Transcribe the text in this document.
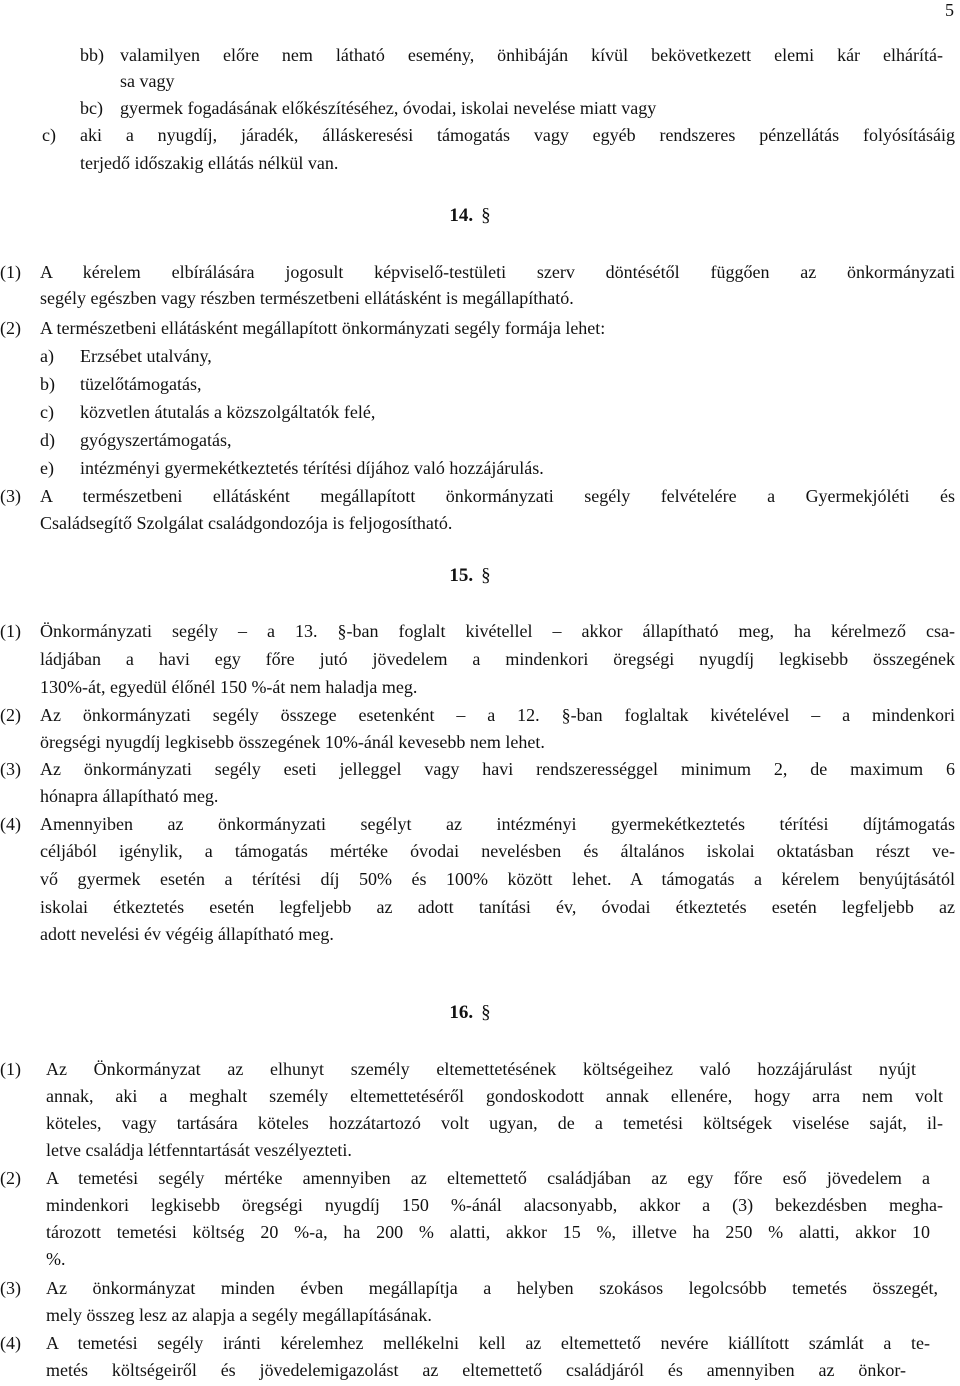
5
bb) valamilyen előre nem látható esemény, önhibáján kívül bekövetkezett elemi kár elhárítá-
sa vagy
bc) gyermek fogadásának előkészítéséhez, óvodai, iskolai nevelése miatt vagy
c) aki a nyugdíj, járadék, álláskeresési támogatás vagy egyéb rendszeres pénzellátás folyósításáig
terjedő időszakig ellátás nélkül van.
14. §
(1) A kérelem elbírálására jogosult képviselő-testületi szerv döntésétől függően az önkormányzati
segély egészben vagy részben természetbeni ellátásként is megállapítható.
(2) A természetbeni ellátásként megállapított önkormányzati segély formája lehet:
a) Erzsébet utalvány,
b) tüzelőtámogatás,
c) közvetlen átutalás a közszolgáltatók felé,
d) gyógyszertámogatás,
e) intézményi gyermekétkeztetés térítési díjához való hozzájárulás.
(3) A természetbeni ellátásként megállapított önkormányzati segély felvételére a Gyermekjóléti és
Családsegítő Szolgálat családgondozója is feljogosítható.
15. §
(1) Önkormányzati segély – a 13. §-ban foglalt kivétellel – akkor állapítható meg, ha kérelmező csa-
ládjában a havi egy főre jutó jövedelem a mindenkori öregségi nyugdíj legkisebb összegének
130%-át, egyedül élőnél 150 %-át nem haladja meg.
(2) Az önkormányzati segély összege esetenként – a 12. §-ban foglaltak kivételével – a mindenkori
öregségi nyugdíj legkisebb összegének 10%-ánál kevesebb nem lehet.
(3) Az önkormányzati segély eseti jelleggel vagy havi rendszerességgel minimum 2, de maximum 6
hónapra állapítható meg.
(4) Amennyiben az önkormányzati segélyt az intézményi gyermekétkeztetés térítési díjtámogatás
céljából igénylik, a támogatás mértéke óvodai nevelésben és általános iskolai oktatásban részt ve-
vő gyermek esetén a térítési díj 50% és 100% között lehet. A támogatás a kérelem benyújtásától
iskolai étkeztetés esetén legfeljebb az adott tanítási év, óvodai étkeztetés esetén legfeljebb az
adott nevelési év végéig állapítható meg.
16. §
(1) Az Önkormányzat az elhunyt személy eltemettetésének költségeihez való hozzájárulást nyújt
annak, aki a meghalt személy eltemettetéséről gondoskodott annak ellenére, hogy arra nem volt
köteles, vagy tartására köteles hozzátartozó volt ugyan, de a temetési költségek viselése saját, il-
letve családja létfenntartását veszélyezteti.
(2) A temetési segély mértéke amennyiben az eltemettető családjában az egy főre eső jövedelem a
mindenkori legkisebb öregségi nyugdíj 150 %-ánál alacsonyabb, akkor a (3) bekezdésben megha-
tározott temetési költség 20 %-a, ha 200 % alatti, akkor 15 %, illetve ha 250 % alatti, akkor 10
%.
(3) Az önkormányzat minden évben megállapítja a helyben szokásos legolcsóbb temetés összegét,
mely összeg lesz az alapja a segély megállapításának.
(4) A temetési segély iránti kérelemhez mellékelni kell az eltemettető nevére kiállított számlát a te-
metés költségeiről és jövedelemigazolást az eltemettető családjáról és amennyiben az önkor-
